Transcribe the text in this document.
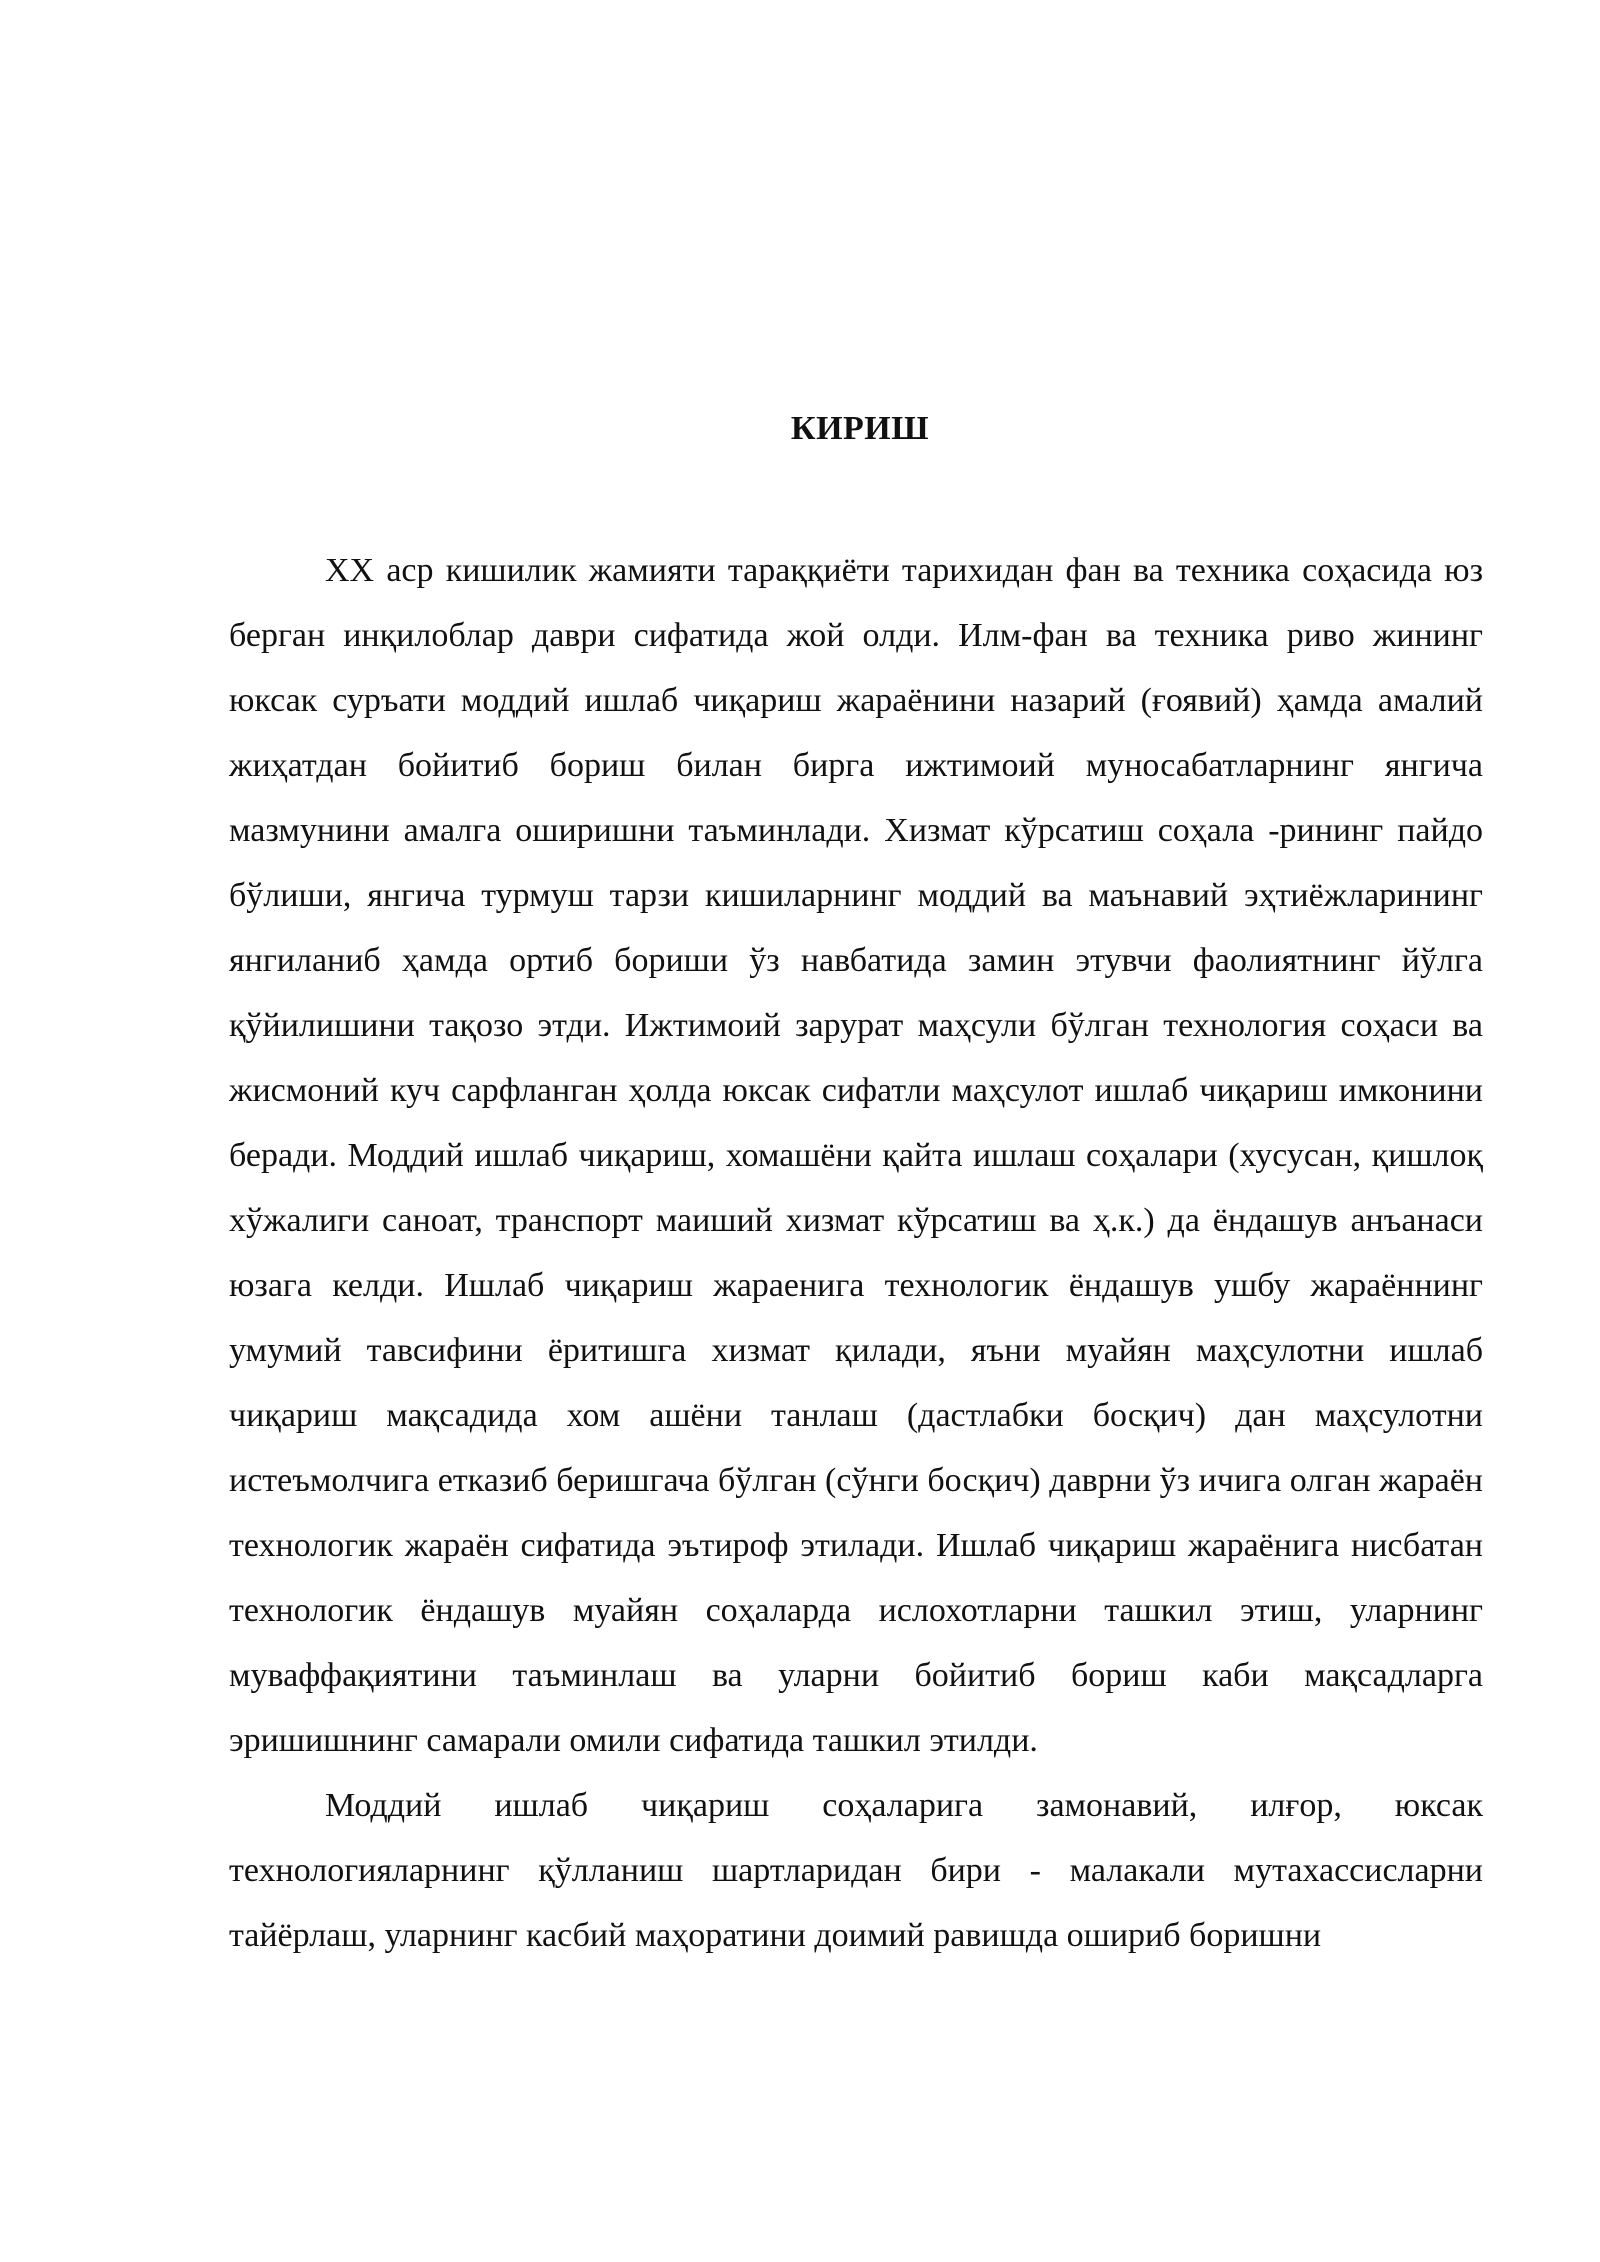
КИРИШ

XX аср кишилик жамияти тараққиёти тарихидан фан ва техника соҳасида юз берган инқилоблар даври сифатида жой олди. Илм-фан ва техника риво жининг юксак суръати моддий ишлаб чиқариш жараёнини назарий (ғоявий) ҳамда амалий жиҳатдан бойитиб бориш билан бирга ижтимоий муносабатларнинг янгича мазмунини амалга оширишни таъминлади. Хизмат кўрсатиш соҳала -рининг пайдо бўлиши, янгича турмуш тарзи кишиларнинг моддий ва маънавий эҳтиёжларининг янгиланиб ҳамда ортиб бориши ўз навбатида замин этувчи фаолиятнинг йўлга қўйилишини тақозо этди. Ижтимоий зарурат маҳсули бўлган технология соҳаси ва жисмоний куч сарфланган ҳолда юксак сифатли маҳсулот ишлаб чиқариш имконини беради. Моддий ишлаб чиқариш, хомашёни қайта ишлаш соҳалари (хусусан, қишлоқ хўжалиги саноат, транспорт маиший хизмат кўрсатиш ва ҳ.к.) да ёндашув анъанаси юзага келди. Ишлаб чиқариш жараенига технологик ёндашув ушбу жараённинг умумий тавсифини ёритишга хизмат қилади, яъни муайян маҳсулотни ишлаб чиқариш мақсадида хом ашёни танлаш (дастлабки босқич) дан маҳсулотни истеъмолчига етказиб беришгача бўлган (сўнги босқич) даврни ўз ичига олган жараён технологик жараён сифатида эътироф этилади. Ишлаб чиқариш жараёнига нисбатан технологик ёндашув муайян соҳаларда ислохотларни ташкил этиш, уларнинг муваффақиятини таъминлаш ва уларни бойитиб бориш каби мақсадларга эришишнинг самарали омили сифатида ташкил этилди.

Моддий ишлаб чиқариш соҳаларига замонавий, илғор, юксак технологияларнинг қўлланиш шартларидан бири - малакали мутахассисларни тайёрлаш, уларнинг касбий маҳоратини доимий равишда ошириб боришни
